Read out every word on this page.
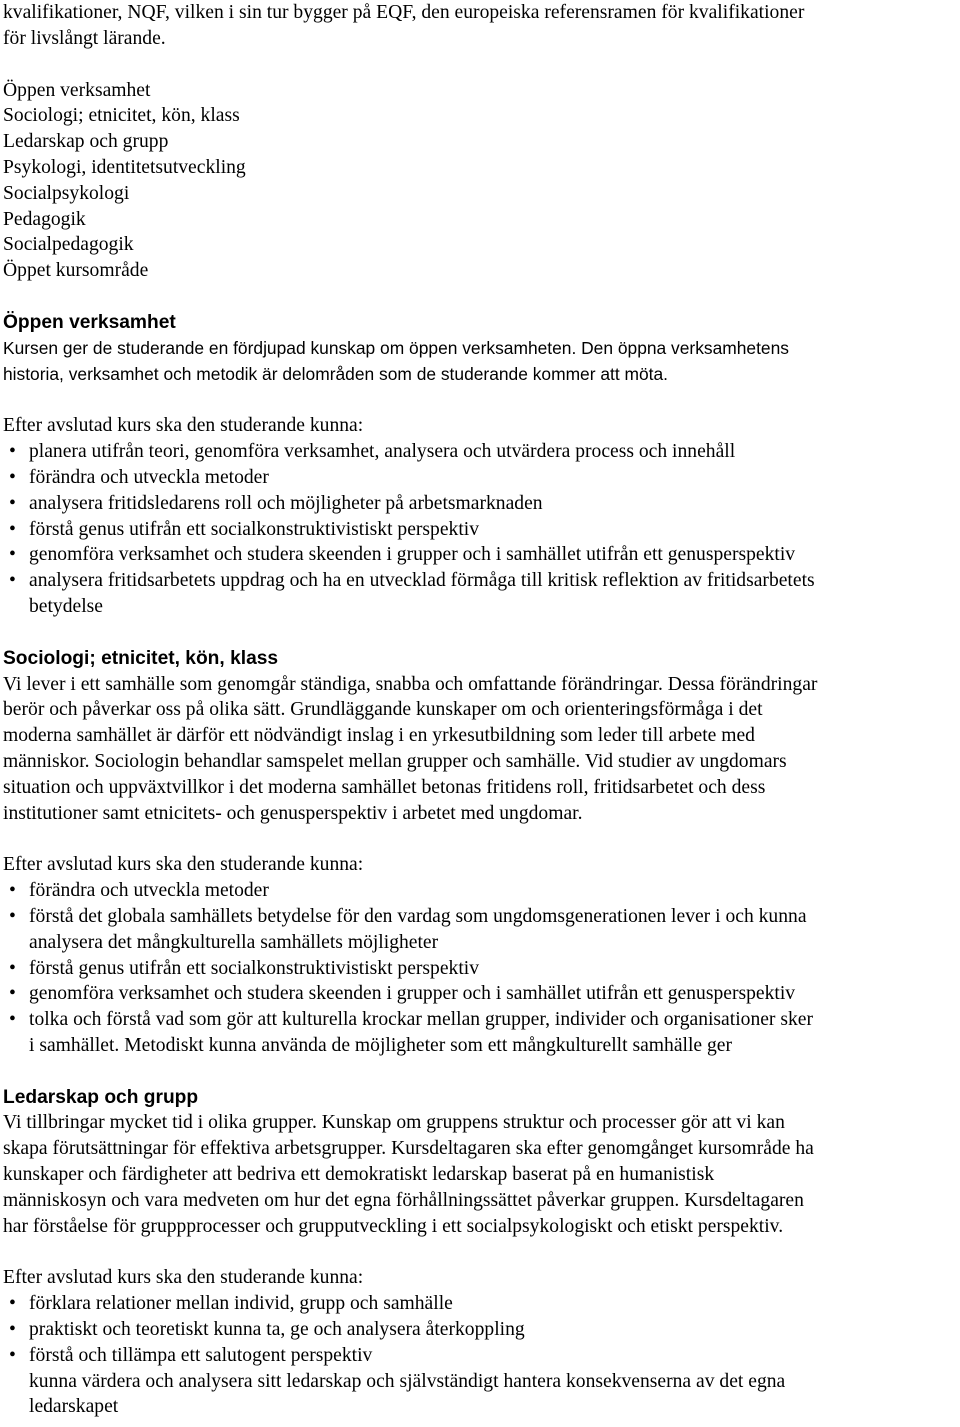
kvalifikationer, NQF, vilken i sin tur bygger på EQF, den europeiska referensramen för kvalifikationer
för livslångt lärande.
Öppen verksamhet
Sociologi; etnicitet, kön, klass
Ledarskap och grupp
Psykologi, identitetsutveckling
Socialpsykologi
Pedagogik
Socialpedagogik
Öppet kursområde
Öppen verksamhet
Kursen ger de studerande en fördjupad kunskap om öppen verksamheten. Den öppna verksamhetens
historia, verksamhet och metodik är delområden som de studerande kommer att möta.
Efter avslutad kurs ska den studerande kunna:
• planera utifrån teori, genomföra verksamhet, analysera och utvärdera process och innehåll
• förändra och utveckla metoder
• analysera fritidsledarens roll och möjligheter på arbetsmarknaden
• förstå genus utifrån ett socialkonstruktivistiskt perspektiv
• genomföra verksamhet och studera skeenden i grupper och i samhället utifrån ett genusperspektiv
• analysera fritidsarbetets uppdrag och ha en utvecklad förmåga till kritisk reflektion av fritidsarbetets
betydelse
Sociologi; etnicitet, kön, klass
Vi lever i ett samhälle som genomgår ständiga, snabba och omfattande förändringar. Dessa förändringar
berör och påverkar oss på olika sätt. Grundläggande kunskaper om och orienteringsförmåga i det
moderna samhället är därför ett nödvändigt inslag i en yrkesutbildning som leder till arbete med
människor. Sociologin behandlar samspelet mellan grupper och samhälle. Vid studier av ungdomars
situation och uppväxtvillkor i det moderna samhället betonas fritidens roll, fritidsarbetet och dess
institutioner samt etnicitets- och genusperspektiv i arbetet med ungdomar.
Efter avslutad kurs ska den studerande kunna:
• förändra och utveckla metoder
• förstå det globala samhällets betydelse för den vardag som ungdomsgenerationen lever i och kunna
analysera det mångkulturella samhällets möjligheter
• förstå genus utifrån ett socialkonstruktivistiskt perspektiv
• genomföra verksamhet och studera skeenden i grupper och i samhället utifrån ett genusperspektiv
• tolka och förstå vad som gör att kulturella krockar mellan grupper, individer och organisationer sker
i samhället. Metodiskt kunna använda de möjligheter som ett mångkulturellt samhälle ger
Ledarskap och grupp
Vi tillbringar mycket tid i olika grupper. Kunskap om gruppens struktur och processer gör att vi kan
skapa förutsättningar för effektiva arbetsgrupper. Kursdeltagaren ska efter genomgånget kursområde ha
kunskaper och färdigheter att bedriva ett demokratiskt ledarskap baserat på en humanistisk
människosyn och vara medveten om hur det egna förhållningssättet påverkar gruppen. Kursdeltagaren
har förståelse för gruppprocesser och grupputveckling i ett socialpsykologiskt och etiskt perspektiv.
Efter avslutad kurs ska den studerande kunna:
• förklara relationer mellan individ, grupp och samhälle
• praktiskt och teoretiskt kunna ta, ge och analysera återkoppling
• förstå och tillämpa ett salutogent perspektiv
kunna värdera och analysera sitt ledarskap och självständigt hantera konsekvenserna av det egna
ledarskapet
